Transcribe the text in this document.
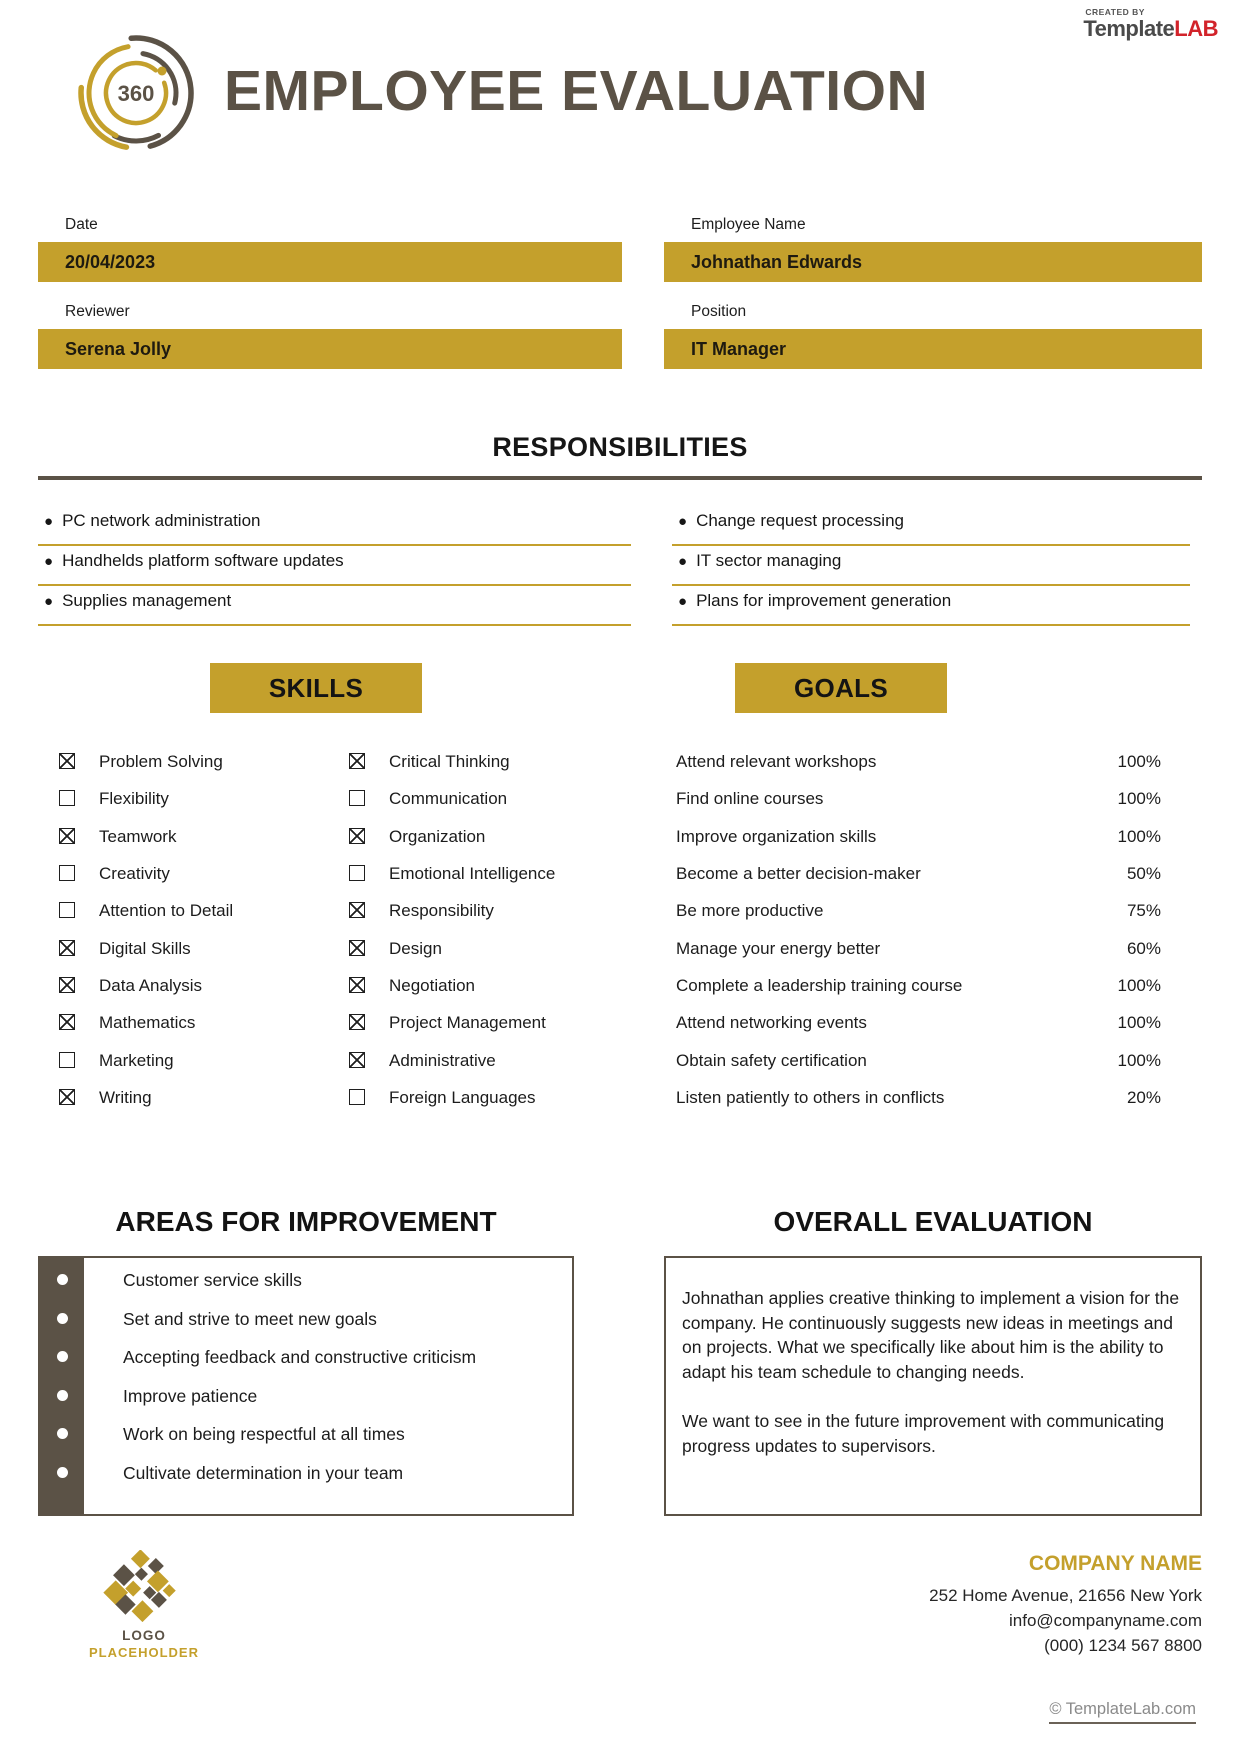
CREATED BY
TemplateLAB
360 EMPLOYEE EVALUATION
Date
20/04/2023
Employee Name
Johnathan Edwards
Reviewer
Serena Jolly
Position
IT Manager
RESPONSIBILITIES
● PC network administration
● Handhelds platform software updates
● Supplies management
● Change request processing
● IT sector managing
● Plans for improvement generation
SKILLS	GOALS
Problem Solving
Flexibility
Teamwork
Creativity
Attention to Detail
Digital Skills
Data Analysis
Mathematics
Marketing
Writing
Critical Thinking
Communication
Organization
Emotional Intelligence
Responsibility
Design
Negotiation
Project Management
Administrative
Foreign Languages
Attend relevant workshops	100%
Find online courses	100%
Improve organization skills	100%
Become a better decision-maker	50%
Be more productive	75%
Manage your energy better	60%
Complete a leadership training course	100%
Attend networking events	100%
Obtain safety certification	100%
Listen patiently to others in conflicts	20%
AREAS FOR IMPROVEMENT
Customer service skills
Set and strive to meet new goals
Accepting feedback and constructive criticism
Improve patience
Work on being respectful at all times
Cultivate determination in your team
OVERALL EVALUATION

Johnathan applies creative thinking to implement a vision for the company. He continuously suggests new ideas in meetings and on projects. What we specifically like about him is the ability to adapt his team schedule to changing needs.

We want to see in the future improvement with communicating progress updates to supervisors.

LOGO
PLACEHOLDER
COMPANY NAME
252 Home Avenue, 21656 New York
info@companyname.com
(000) 1234 567 8800
© TemplateLab.com
